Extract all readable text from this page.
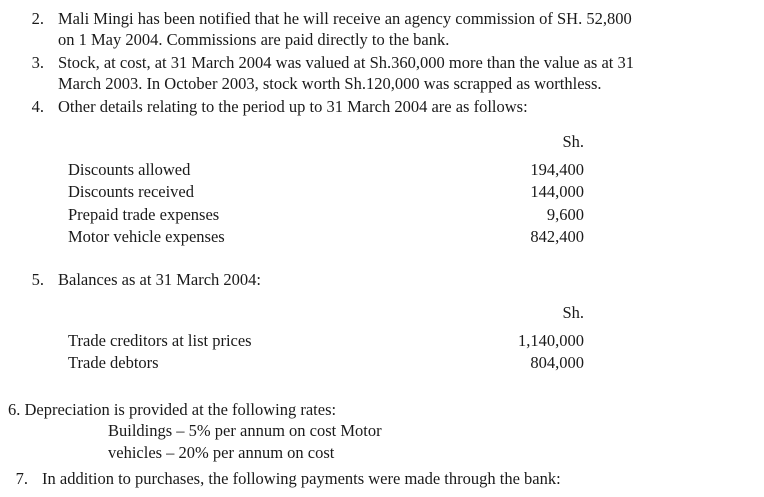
2. Mali Mingi has been notified that he will receive an agency commission of SH. 52,800
on 1 May 2004. Commissions are paid directly to the bank.
3. Stock, at cost, at 31 March 2004 was valued at Sh.360,000 more than the value as at 31
March 2003. In October 2003, stock worth Sh.120,000 was scrapped as worthless.
4. Other details relating to the period up to 31 March 2004 are as follows:
	Sh.
Discounts allowed	194,400
Discounts received	144,000
Prepaid trade expenses	9,600
Motor vehicle expenses	842,400
5. Balances as at 31 March 2004:
	Sh.
Trade creditors at list prices	1,140,000
Trade debtors	804,000
6. Depreciation is provided at the following rates:
Buildings – 5% per annum on cost Motor
vehicles – 20% per annum on cost
7. In addition to purchases, the following payments were made through the bank:
